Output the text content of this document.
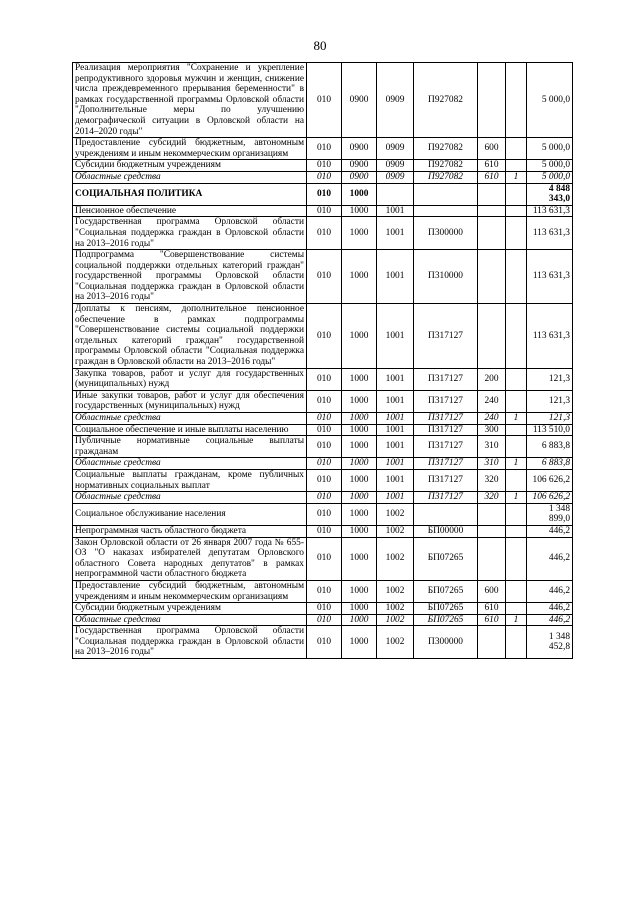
80
Реализация мероприятия "Сохранение и укрепление репродуктивного здоровья мужчин и женщин, снижение числа преждевременного прерывания беременности" в рамках государственной программы Орловской области "Дополнительные меры по улучшению демографической ситуации в Орловской области на 2014–2020 годы"	010	0900	0909	П927082			5 000,0
Предоставление субсидий бюджетным, автономным учреждениям и иным некоммерческим организациям	010	0900	0909	П927082	600		5 000,0
Субсидии бюджетным учреждениям	010	0900	0909	П927082	610		5 000,0
Областные средства	010	0900	0909	П927082	610	1	5 000,0
СОЦИАЛЬНАЯ ПОЛИТИКА	010	1000					4 848 343,0
Пенсионное обеспечение	010	1000	1001				113 631,3
Государственная программа Орловской области "Социальная поддержка граждан в Орловской области на 2013–2016 годы"	010	1000	1001	П300000			113 631,3
Подпрограмма "Совершенствование системы социальной поддержки отдельных категорий граждан" государственной программы Орловской области "Социальная поддержка граждан в Орловской области на 2013–2016 годы"	010	1000	1001	П310000			113 631,3
Доплаты к пенсиям, дополнительное пенсионное обеспечение в рамках подпрограммы "Совершенствование системы социальной поддержки отдельных категорий граждан" государственной программы Орловской области "Социальная поддержка граждан в Орловской области на 2013–2016 годы"	010	1000	1001	П317127			113 631,3
Закупка товаров, работ и услуг для государственных (муниципальных) нужд	010	1000	1001	П317127	200		121,3
Иные закупки товаров, работ и услуг для обеспечения государственных (муниципальных) нужд	010	1000	1001	П317127	240		121,3
Областные средства	010	1000	1001	П317127	240	1	121,3
Социальное обеспечение и иные выплаты населению	010	1000	1001	П317127	300		113 510,0
Публичные нормативные социальные выплаты гражданам	010	1000	1001	П317127	310		6 883,8
Областные средства	010	1000	1001	П317127	310	1	6 883,8
Социальные выплаты гражданам, кроме публичных нормативных социальных выплат	010	1000	1001	П317127	320		106 626,2
Областные средства	010	1000	1001	П317127	320	1	106 626,2
Социальное обслуживание населения	010	1000	1002				1 348 899,0
Непрограммная часть областного бюджета	010	1000	1002	БП00000			446,2
Закон Орловской области от 26 января 2007 года № 655-ОЗ "О наказах избирателей депутатам Орловского областного Совета народных депутатов" в рамках непрограммной части областного бюджета	010	1000	1002	БП07265			446,2
Предоставление субсидий бюджетным, автономным учреждениям и иным некоммерческим организациям	010	1000	1002	БП07265	600		446,2
Субсидии бюджетным учреждениям	010	1000	1002	БП07265	610		446,2
Областные средства	010	1000	1002	БП07265	610	1	446,2
Государственная программа Орловской области "Социальная поддержка граждан в Орловской области на 2013–2016 годы"	010	1000	1002	П300000			1 348 452,8
